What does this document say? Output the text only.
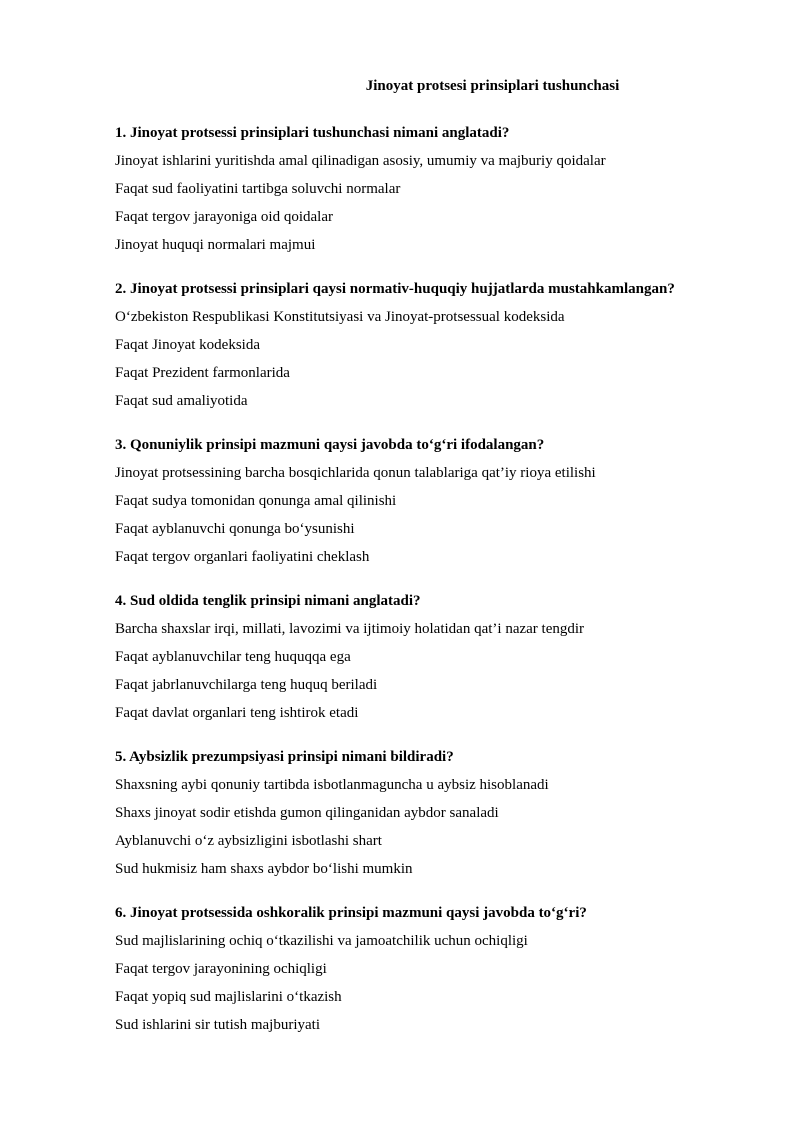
Jinoyat protsesi prinsiplari tushunchasi
1. Jinoyat protsessi prinsiplari tushunchasi nimani anglatadi?
Jinoyat ishlarini yuritishda amal qilinadigan asosiy, umumiy va majburiy qoidalar
Faqat sud faoliyatini tartibga soluvchi normalar
Faqat tergov jarayoniga oid qoidalar
Jinoyat huquqi normalari majmui
2. Jinoyat protsessi prinsiplari qaysi normativ-huquqiy hujjatlarda mustahkamlangan?
O‘zbekiston Respublikasi Konstitutsiyasi va Jinoyat-protsessual kodeksida
Faqat Jinoyat kodeksida
Faqat Prezident farmonlarida
Faqat sud amaliyotida
3. Qonuniylik prinsipi mazmuni qaysi javobda to‘g‘ri ifodalangan?
Jinoyat protsessining barcha bosqichlarida qonun talablariga qat’iy rioya etilishi
Faqat sudya tomonidan qonunga amal qilinishi
Faqat ayblanuvchi qonunga bo‘ysunishi
Faqat tergov organlari faoliyatini cheklash
4. Sud oldida tenglik prinsipi nimani anglatadi?
Barcha shaxslar irqi, millati, lavozimi va ijtimoiy holatidan qat’i nazar tengdir
Faqat ayblanuvchilar teng huquqqa ega
Faqat jabrlanuvchilarga teng huquq beriladi
Faqat davlat organlari teng ishtirok etadi
5. Aybsizlik prezumpsiyasi prinsipi nimani bildiradi?
Shaxsning aybi qonuniy tartibda isbotlanmaguncha u aybsiz hisoblanadi
Shaxs jinoyat sodir etishda gumon qilinganidan aybdor sanaladi
Ayblanuvchi o‘z aybsizligini isbotlashi shart
Sud hukmisiz ham shaxs aybdor bo‘lishi mumkin
6. Jinoyat protsessida oshkoralik prinsipi mazmuni qaysi javobda to‘g‘ri?
Sud majlislarining ochiq o‘tkazilishi va jamoatchilik uchun ochiqligi
Faqat tergov jarayonining ochiqligi
Faqat yopiq sud majlislarini o‘tkazish
Sud ishlarini sir tutish majburiyati
